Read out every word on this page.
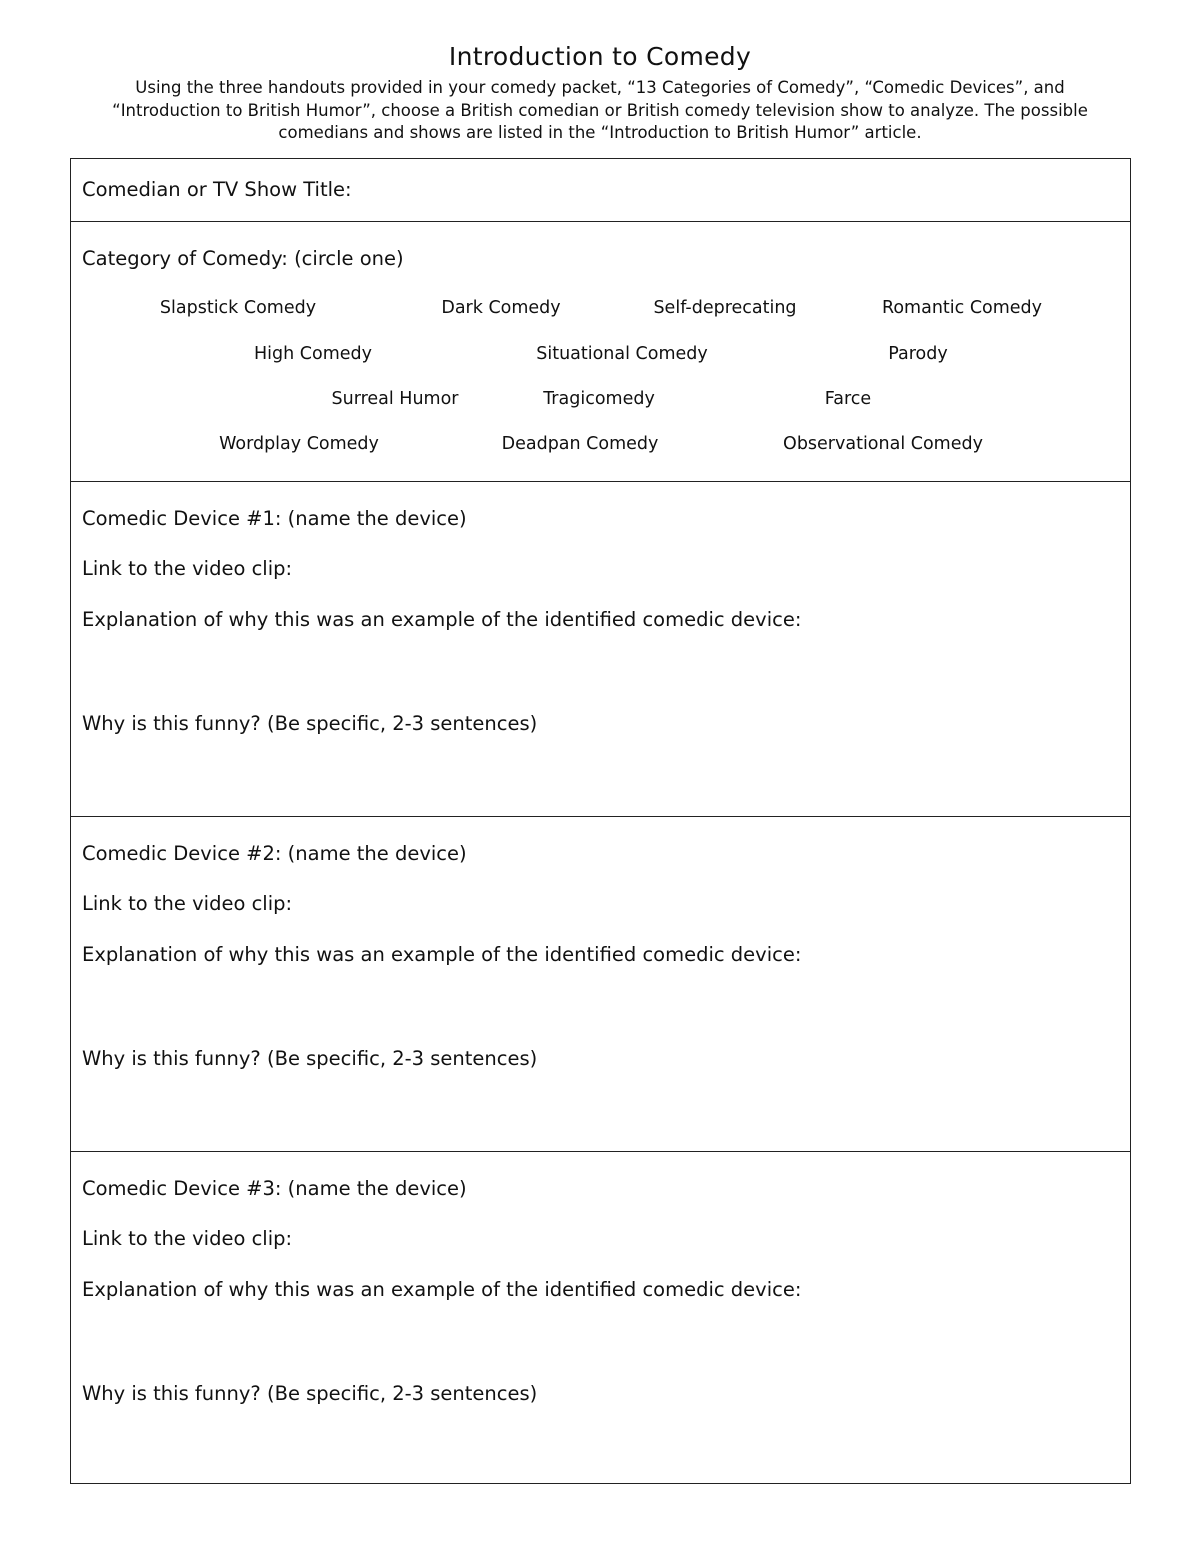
Introduction to Comedy
Using the three handouts provided in your comedy packet, “13 Categories of Comedy”, “Comedic Devices”, and
“Introduction to British Humor”, choose a British comedian or British comedy television show to analyze. The possible
comedians and shows are listed in the “Introduction to British Humor” article.
Comedian or TV Show Title:
Category of Comedy: (circle one)
Slapstick Comedy	Dark Comedy	Self-deprecating	Romantic Comedy
High Comedy	Situational Comedy	Parody
Surreal Humor	Tragicomedy	Farce
Wordplay Comedy	Deadpan Comedy	Observational Comedy
Comedic Device #1: (name the device)
Link to the video clip:
Explanation of why this was an example of the identified comedic device:
Why is this funny? (Be specific, 2-3 sentences)
Comedic Device #2: (name the device)
Link to the video clip:
Explanation of why this was an example of the identified comedic device:
Why is this funny? (Be specific, 2-3 sentences)
Comedic Device #3: (name the device)
Link to the video clip:
Explanation of why this was an example of the identified comedic device:
Why is this funny? (Be specific, 2-3 sentences)
